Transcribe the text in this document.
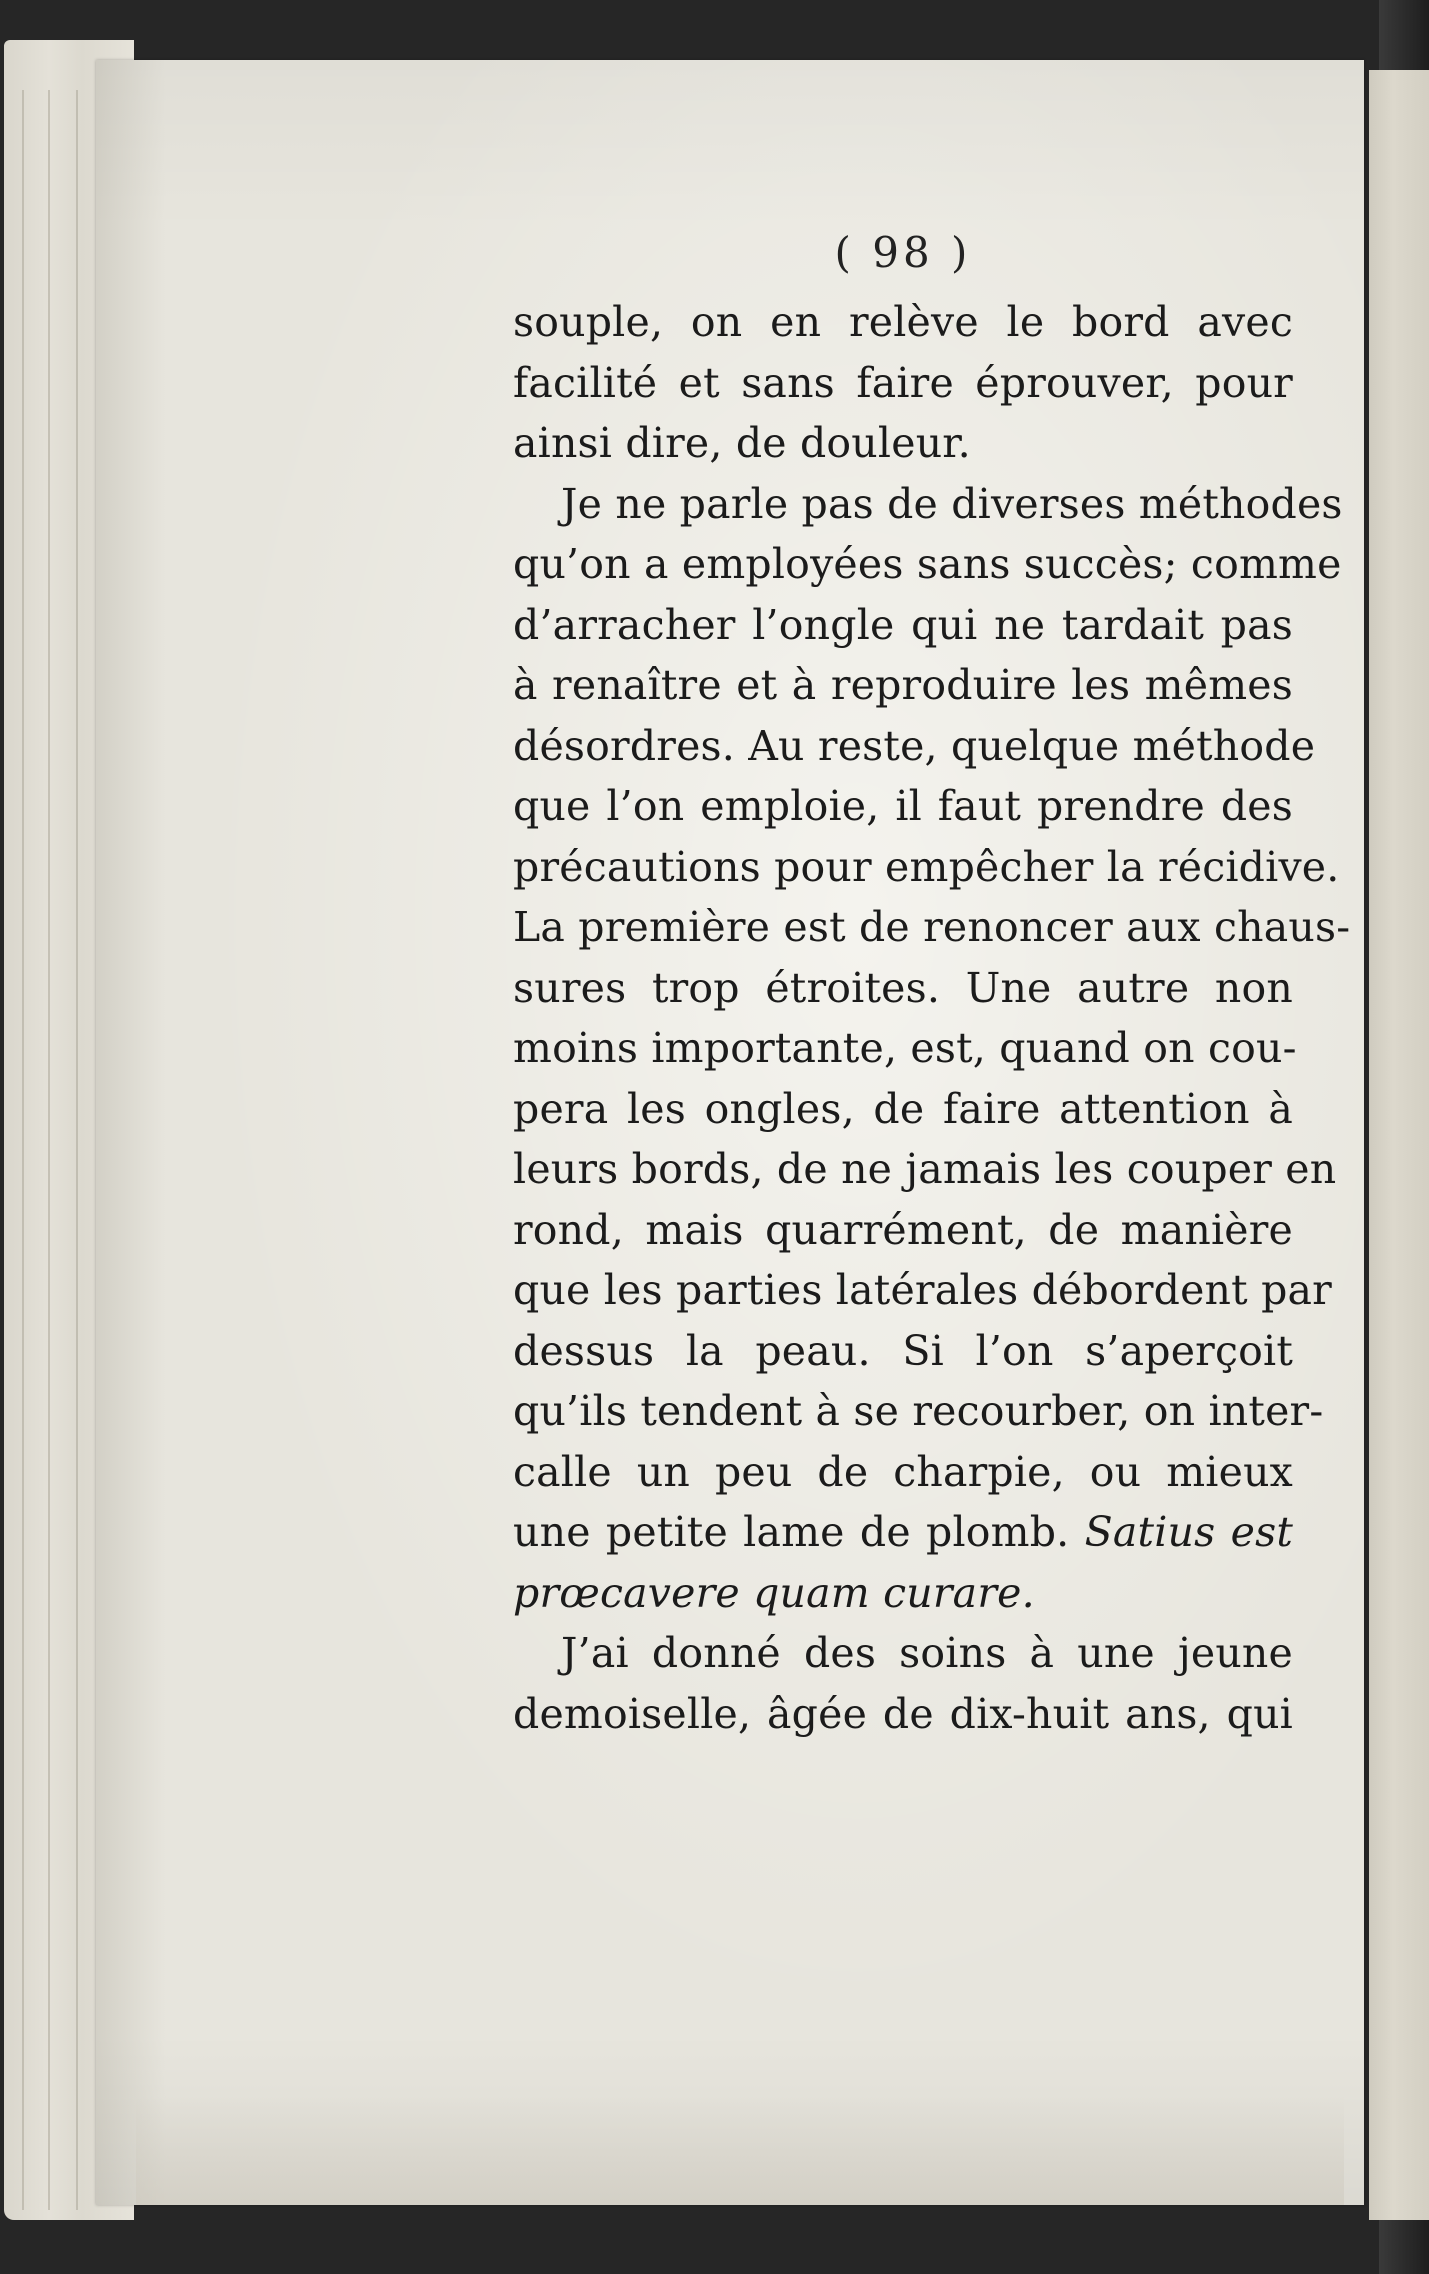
( 98 )
souple, on en relève le bord avec
facilité et sans faire éprouver, pour
ainsi dire, de douleur.
Je ne parle pas de diverses méthodes
qu’on a employées sans succès; comme
d’arracher l’ongle qui ne tardait pas
à renaître et à reproduire les mêmes
désordres. Au reste, quelque méthode
que l’on emploie, il faut prendre des
précautions pour empêcher la récidive.
La première est de renoncer aux chaus-
sures trop étroites. Une autre non
moins importante, est, quand on cou-
pera les ongles, de faire attention à
leurs bords, de ne jamais les couper en
rond, mais quarrément, de manière
que les parties latérales débordent par
dessus la peau. Si l’on s’aperçoit
qu’ils tendent à se recourber, on inter-
calle un peu de charpie, ou mieux
une petite lame de plomb. Satius est
prœcavere quam curare.
J’ai donné des soins à une jeune
demoiselle, âgée de dix-huit ans, qui
